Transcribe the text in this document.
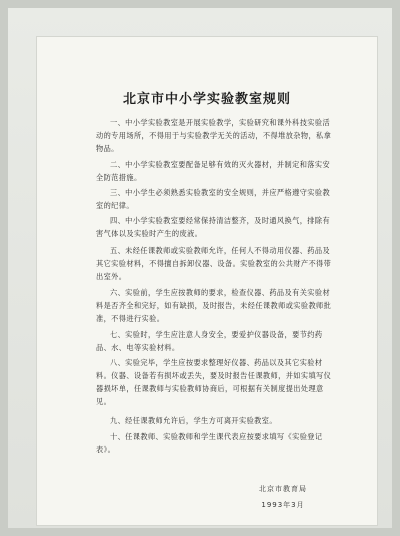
北京市中小学实验教室规则
一、中小学实验教室是开展实验教学，实验研究和课外科技实验活动的专用场所，不得用于与实验教学无关的活动，不得堆放杂物，私拿物品。
二、中小学实验教室要配备足够有效的灭火器材，并制定和落实安全防范措施。
三、中小学生必须熟悉实验教室的安全规则，并应严格遵守实验教室的纪律。
四、中小学实验教室要经常保持清洁整齐，及时通风换气，排除有害气体以及实验时产生的废液。
五、未经任课教师或实验教师允许，任何人不得动用仪器、药品及其它实验材料，不得擅自拆卸仪器、设备。实验教室的公共财产不得带出室外。
六、实验前，学生应按教师的要求，检查仪器、药品及有关实验材料是否齐全和完好，如有缺损，及时报告，未经任课教师或实验教师批准，不得进行实验。
七、实验时，学生应注意人身安全，要爱护仪器设备，要节约药品、水、电等实验材料。
八、实验完毕，学生应按要求整理好仪器、药品以及其它实验材料。仪器、设备若有损坏或丢失，要及时报告任课教师，并如实填写仪器损坏单，任课教师与实验教师协商后，可根据有关制度提出处理意见。
九、经任课教师允许后，学生方可离开实验教室。
十、任课教师、实验教师和学生课代表应按要求填写《实验登记表》。
北京市教育局
1993年3月
